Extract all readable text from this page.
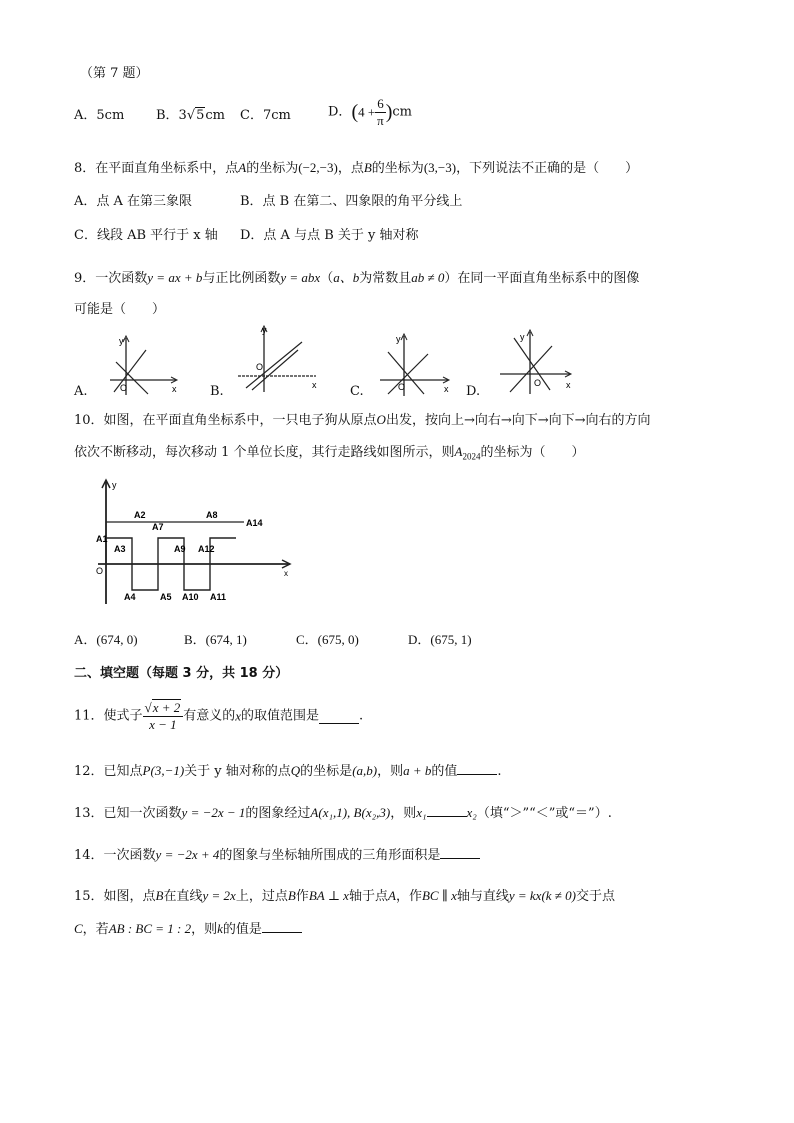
（第 7 题）
A．5cm B．3√5cm C．7cm	D．$(4 + \frac{6}{\pi} )cm$
8．在平面直角坐标系中，点A的坐标为(−2,−3)，点B的坐标为(3,−3)，下列说法不正确的是（　　）
A．点 A 在第三象限	B．点 B 在第二、四象限的角平分线上
C．线段 AB 平行于 x 轴 D．点 A 与点 B 关于 y 轴对称
9．一次函数y = ax + b与正比例函数y = abx（a、b为常数且ab ≠ 0）在同一平面直角坐标系中的图像
可能是（　　）
A.
y
x
O	B.
y
x
O
C.
y
x
O	D.
y
x
O
10．如图，在平面直角坐标系中，一只电子狗从原点O出发，按向上→向右→向下→向下→向右的方向
依次不断移动，每次移动 1 个单位长度，其行走路线如图所示，则$A_{2024}$的坐标为（　　）
y
x
O
A1
A2
A3
A4	A5
A7
A8
A9
A10 A11
A12
A14
A．(674, 0)	B．(674, 1)	C．(675, 0)	D．(675, 1)
二、填空题（每题 3 分，共 18 分）
11．使式子 $\frac{√x + 2}{x - 1}$ 有意义的x的取值范围是	.
12．已知点P(3,−1)关于 y 轴对称的点Q的坐标是(a,b)，则a + b的值	.
13．已知一次函数y = −2x − 1的图象经过A(x₁,1), B(x₂,3)，则x₁	x₂（填“＞”“＜”或“＝”）.
14．一次函数y = −2x + 4的图象与坐标轴所围成的三角形面积是
15．如图，点B在直线y = 2x上，过点B作BA ⊥ x轴于点A，作BC ∥ x轴与直线y = kx(k ≠ 0)交于点
C，若AB : BC = 1 : 2，则k的值是
